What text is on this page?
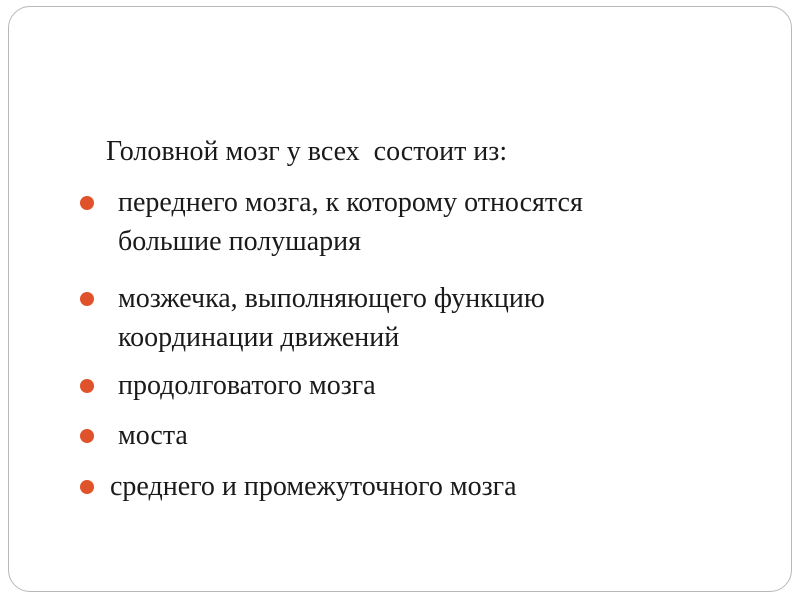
Головной мозг у всех  состоит из:
переднего мозга, к которому относятся
большие полушария
мозжечка, выполняющего функцию
координации движений
продолговатого мозга
моста
среднего и промежуточного мозга
